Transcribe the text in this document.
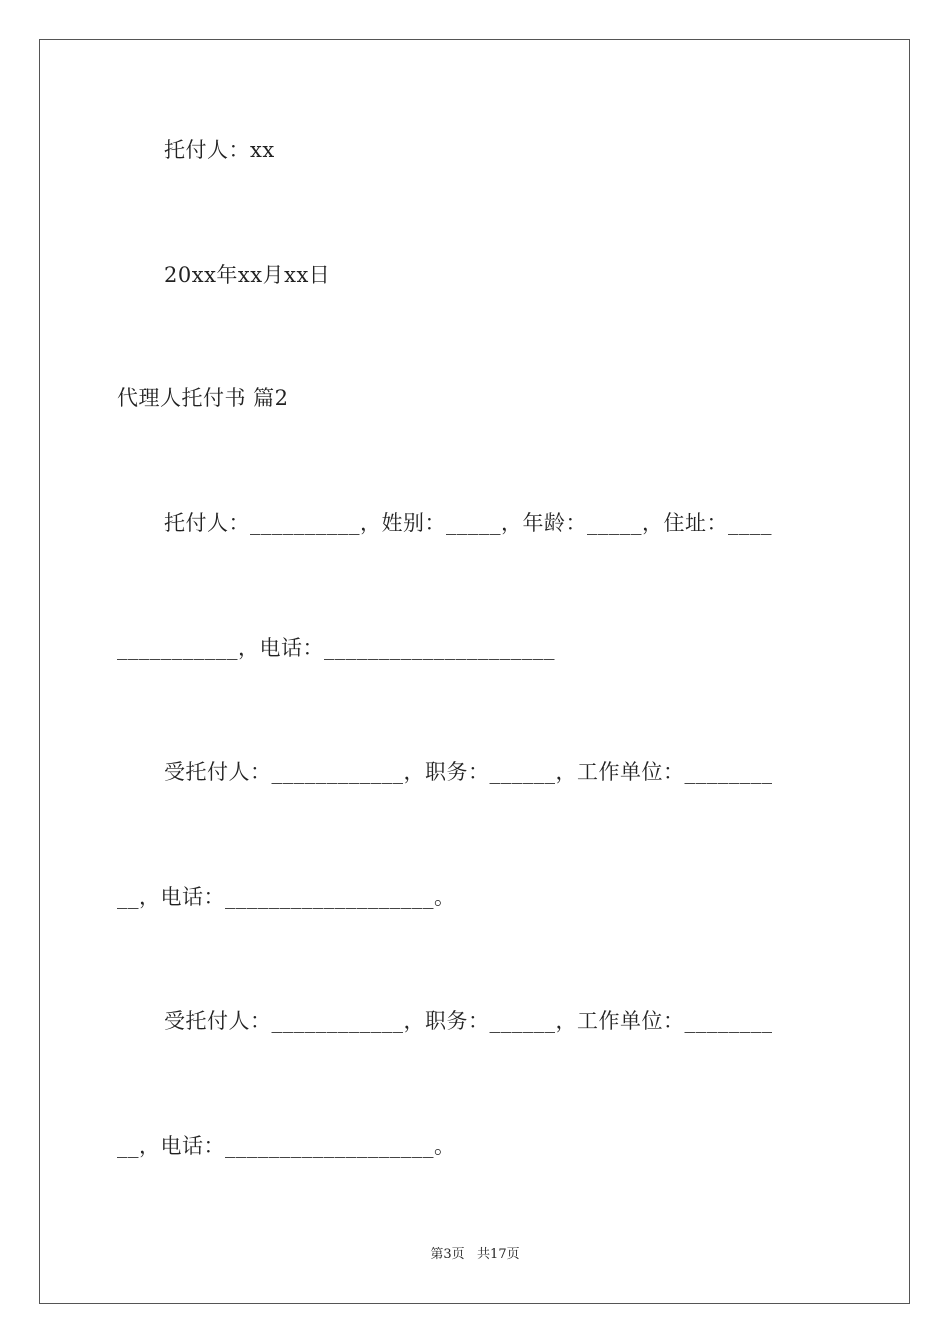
托付人：xx
20xx年xx月xx日
代理人托付书 篇2
托付人：__________，姓别：_____，年龄：_____，住址：____
___________，电话：_____________________
受托付人：____________，职务：______，工作单位：________
__，电话：___________________。
受托付人：____________，职务：______，工作单位：________
__，电话：___________________。
第3页   共17页
